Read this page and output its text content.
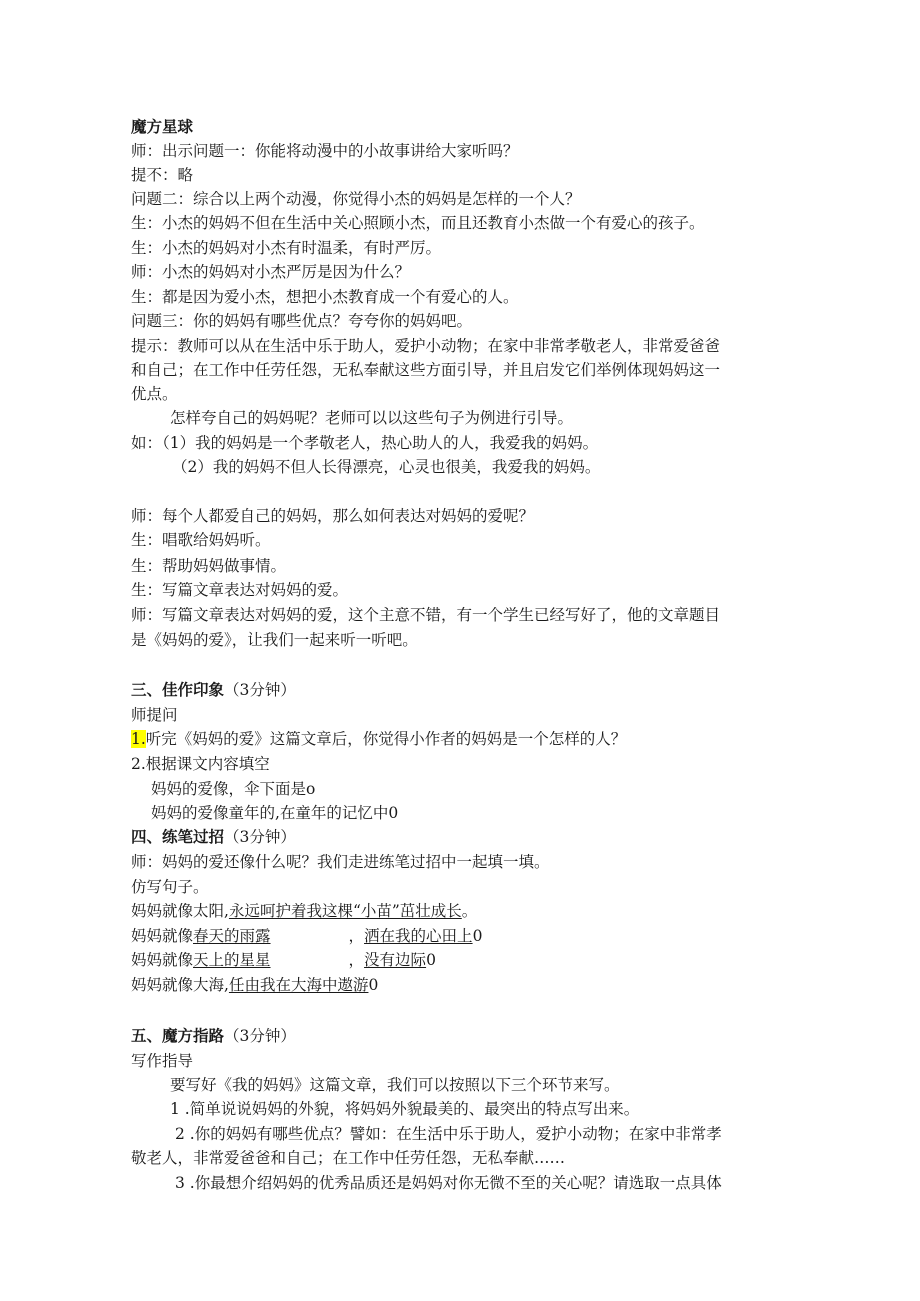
魔方星球
师：出示问题一：你能将动漫中的小故事讲给大家听吗？
提不：略
问题二：综合以上两个动漫，你觉得小杰的妈妈是怎样的一个人？
生：小杰的妈妈不但在生活中关心照顾小杰，而且还教育小杰做一个有爱心的孩子。
生：小杰的妈妈对小杰有时温柔，有时严厉。
师：小杰的妈妈对小杰严厉是因为什么？
生：都是因为爱小杰，想把小杰教育成一个有爱心的人。
问题三：你的妈妈有哪些优点？夸夸你的妈妈吧。
提示：教师可以从在生活中乐于助人，爱护小动物；在家中非常孝敬老人，非常爱爸爸
和自己；在工作中任劳任怨，无私奉献这些方面引导，并且启发它们举例体现妈妈这一
优点。
怎样夸自己的妈妈呢？老师可以以这些句子为例进行引导。
如：（1）我的妈妈是一个孝敬老人，热心助人的人，我爱我的妈妈。
（2）我的妈妈不但人长得漂亮，心灵也很美，我爱我的妈妈。
师：每个人都爱自己的妈妈，那么如何表达对妈妈的爱呢？
生：唱歌给妈妈听。
生：帮助妈妈做事情。
生：写篇文章表达对妈妈的爱。
师：写篇文章表达对妈妈的爱，这个主意不错，有一个学生已经写好了，他的文章题目
是《妈妈的爱》，让我们一起来听一听吧。
三、佳作印象（3分钟）
师提问
1.听完《妈妈的爱》这篇文章后，你觉得小作者的妈妈是一个怎样的人？
2.根据课文内容填空
妈妈的爱像，伞下面是o
妈妈的爱像童年的,在童年的记忆中0
四、练笔过招（3分钟）
师：妈妈的爱还像什么呢？我们走进练笔过招中一起填一填。
仿写句子。
妈妈就像太阳,永远呵护着我这棵“小苗”茁壮成长。
妈妈就像春天的雨露	，洒在我的心田上0
妈妈就像天上的星星	，没有边际0
妈妈就像大海,任由我在大海中遨游0
五、魔方指路（3分钟）
写作指导
要写好《我的妈妈》这篇文章，我们可以按照以下三个环节来写。
1 .简单说说妈妈的外貌，将妈妈外貌最美的、最突出的特点写出来。
2 .你的妈妈有哪些优点？譬如：在生活中乐于助人，爱护小动物；在家中非常孝
敬老人，非常爱爸爸和自己；在工作中任劳任怨，无私奉献……
3 .你最想介绍妈妈的优秀品质还是妈妈对你无微不至的关心呢？请选取一点具体
